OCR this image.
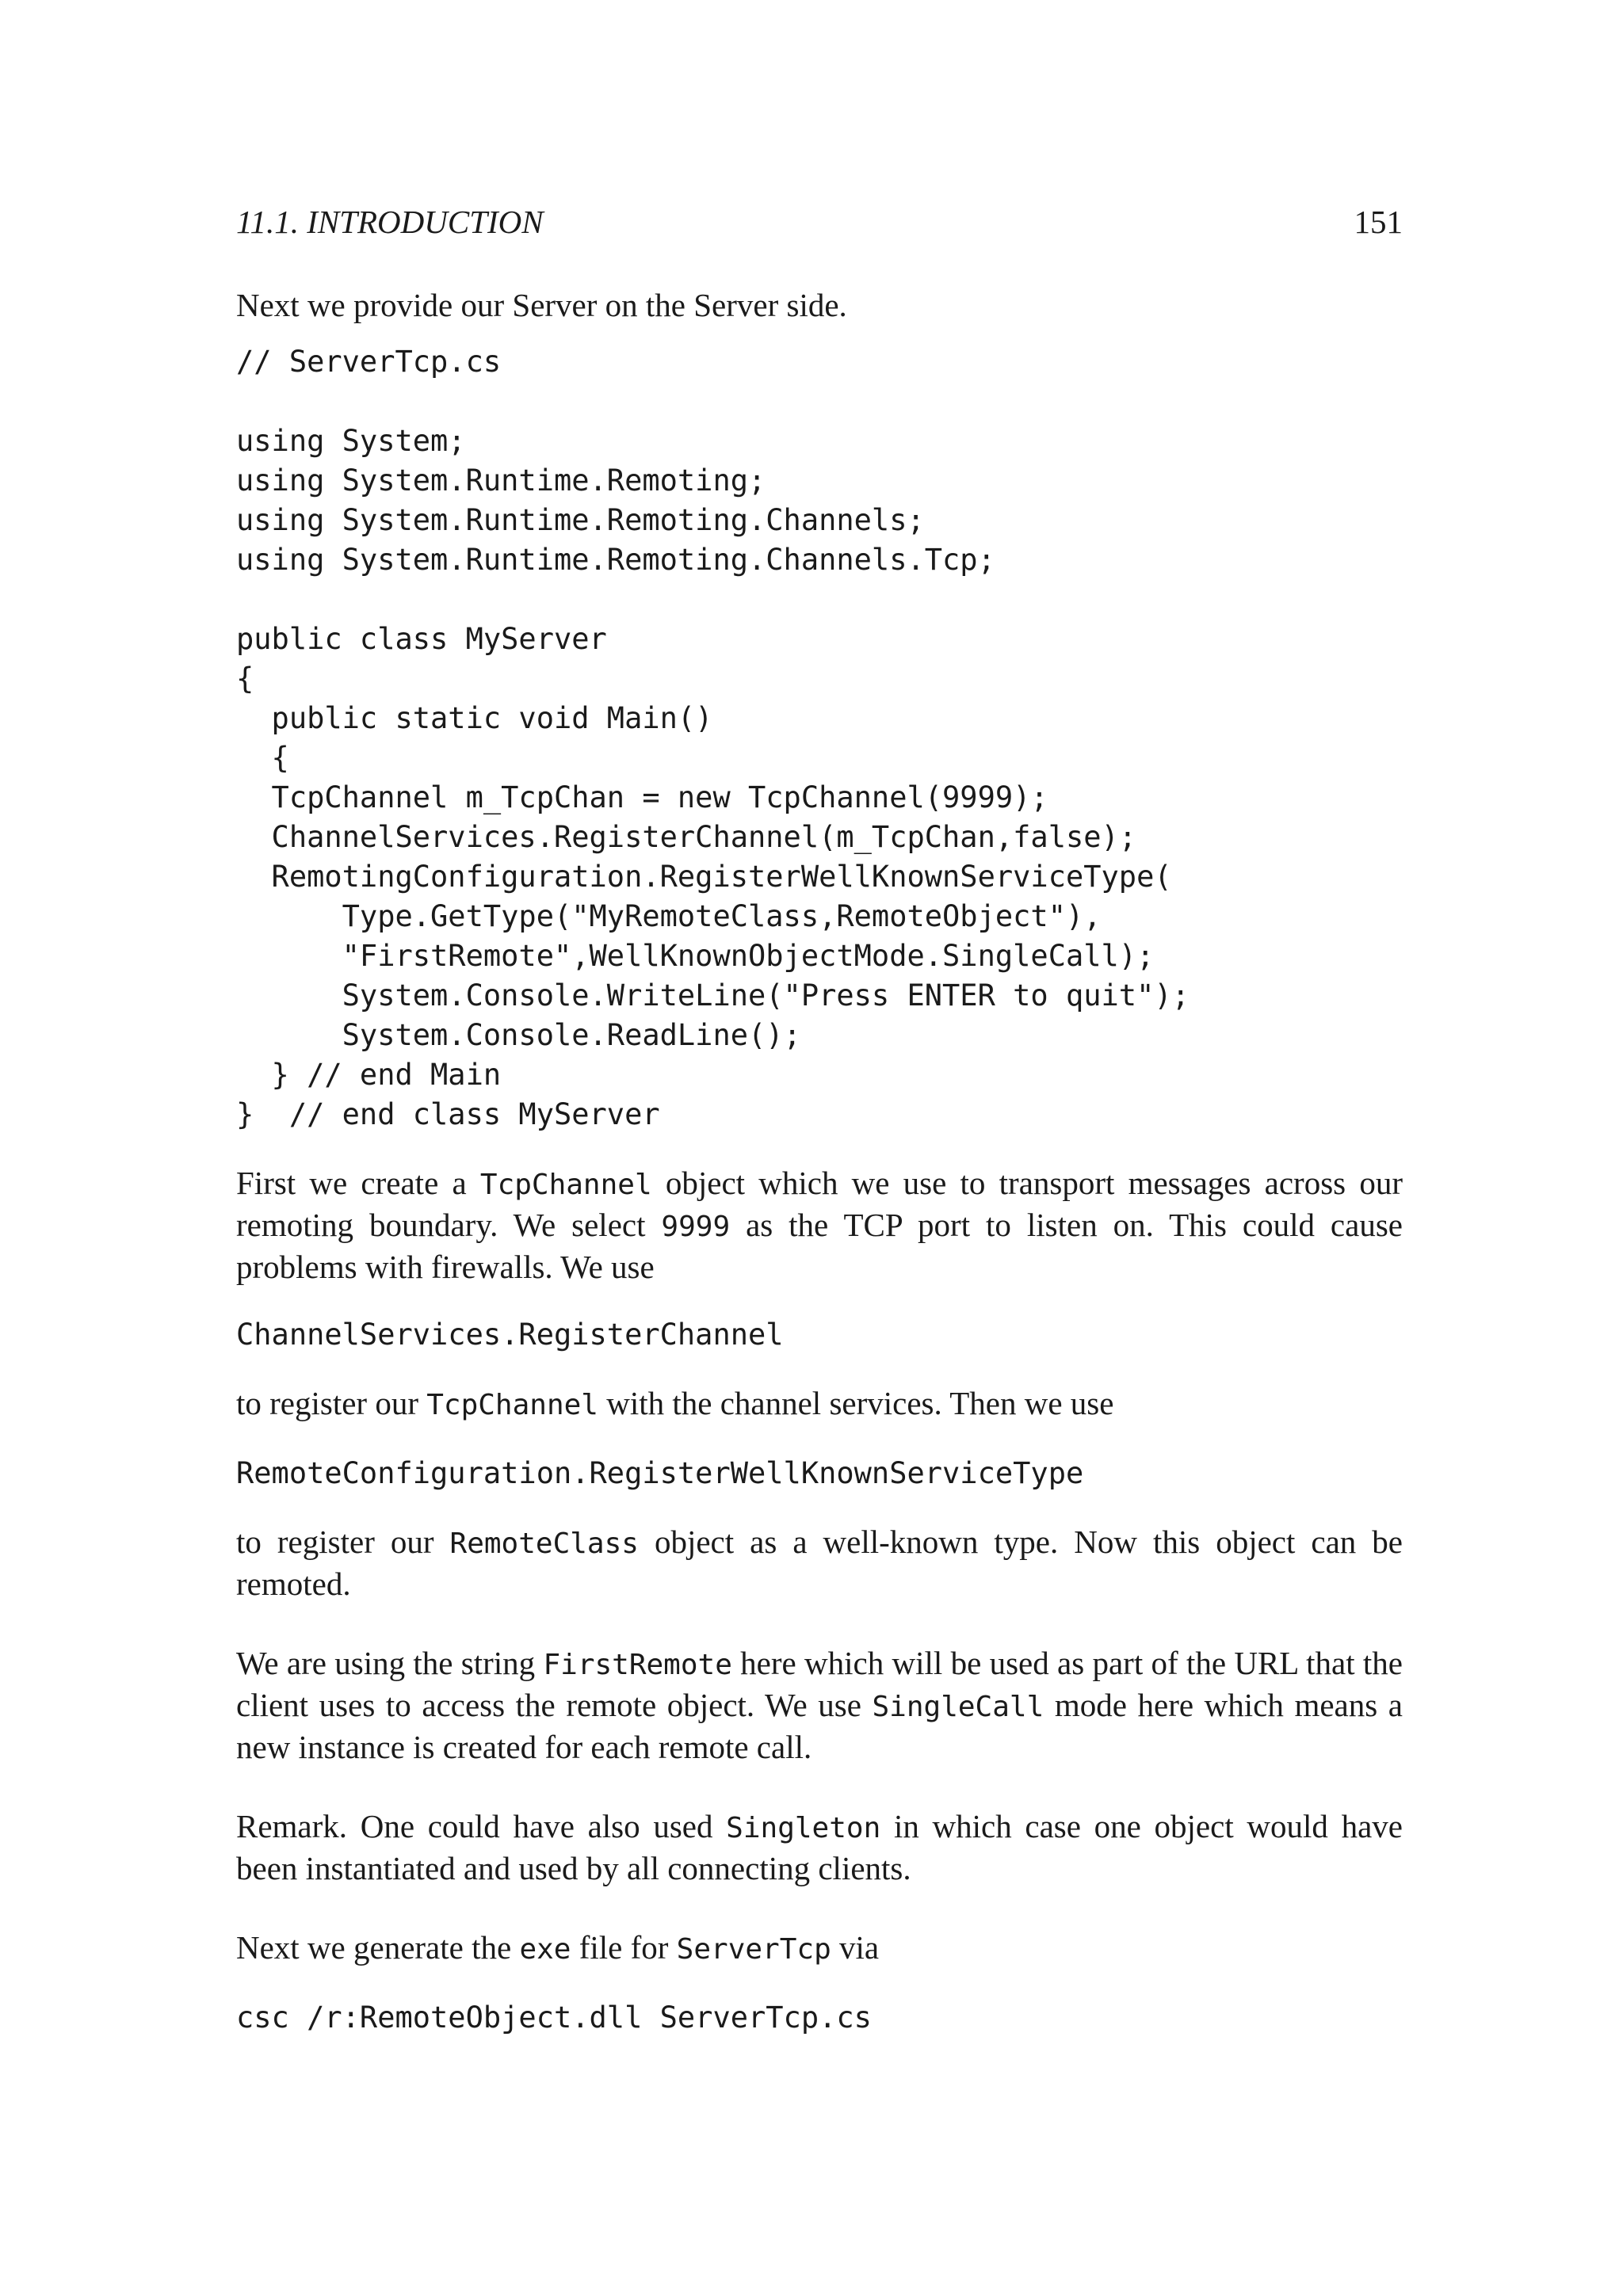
11.1. INTRODUCTION	151

Next we provide our Server on the Server side.

// ServerTcp.cs
using System;
using System.Runtime.Remoting;
using System.Runtime.Remoting.Channels;
using System.Runtime.Remoting.Channels.Tcp;
public class MyServer
{
public static void Main()
{
TcpChannel m_TcpChan = new TcpChannel(9999);
ChannelServices.RegisterChannel(m_TcpChan,false);
RemotingConfiguration.RegisterWellKnownServiceType(
Type.GetType("MyRemoteClass,RemoteObject"),
"FirstRemote",WellKnownObjectMode.SingleCall);
System.Console.WriteLine("Press ENTER to quit");
System.Console.ReadLine();
} // end Main
}  // end class MyServer

First we create a TcpChannel object which we use to transport messages across our remoting boundary. We select 9999 as the TCP port to listen on. This could cause problems with firewalls. We use

ChannelServices.RegisterChannel

to register our TcpChannel with the channel services. Then we use

RemoteConfiguration.RegisterWellKnownServiceType

to register our RemoteClass object as a well-known type. Now this object can be remoted.

We are using the string FirstRemote here which will be used as part of the URL that the client uses to access the remote object. We use SingleCall mode here which means a new instance is created for each remote call.

Remark. One could have also used Singleton in which case one object would have been instantiated and used by all connecting clients.

Next we generate the exe file for ServerTcp via

csc /r:RemoteObject.dll ServerTcp.cs
